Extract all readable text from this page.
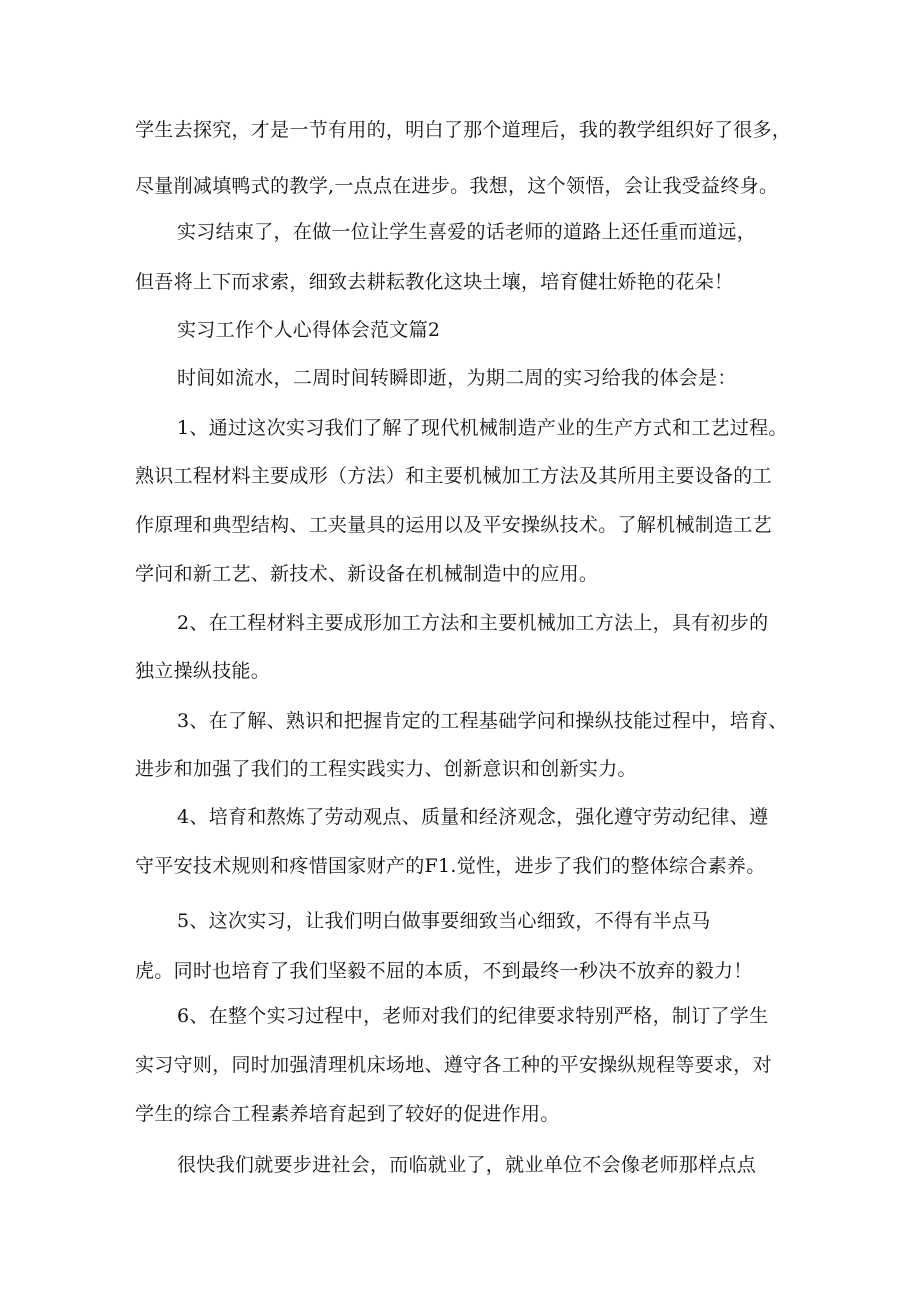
学生去探究，才是一节有用的，明白了那个道理后，我的教学组织好了很多，

尽量削减填鸭式的教学,一点点在进步。我想，这个领悟，会让我受益终身。

实习结束了，在做一位让学生喜爱的话老师的道路上还任重而道远，

但吾将上下而求索，细致去耕耘教化这块土壤，培育健壮娇艳的花朵！

实习工作个人心得体会范文篇2

时间如流水，二周时间转瞬即逝，为期二周的实习给我的体会是：

1、通过这次实习我们了解了现代机械制造产业的生产方式和工艺过程。

熟识工程材料主要成形（方法）和主要机械加工方法及其所用主要设备的工

作原理和典型结构、工夹量具的运用以及平安操纵技术。了解机械制造工艺

学问和新工艺、新技术、新设备在机械制造中的应用。

2、在工程材料主要成形加工方法和主要机械加工方法上，具有初步的

独立操纵技能。

3、在了解、熟识和把握肯定的工程基础学问和操纵技能过程中，培育、

进步和加强了我们的工程实践实力、创新意识和创新实力。

4、培育和熬炼了劳动观点、质量和经济观念，强化遵守劳动纪律、遵

守平安技术规则和疼惜国家财产的F1.觉性，进步了我们的整体综合素养。

5、这次实习，让我们明白做事要细致当心细致，不得有半点马

虎。同时也培育了我们坚毅不屈的本质，不到最终一秒决不放弃的毅力！

6、在整个实习过程中，老师对我们的纪律要求特别严格，制订了学生

实习守则，同时加强清理机床场地、遵守各工种的平安操纵规程等要求，对

学生的综合工程素养培育起到了较好的促进作用。

很快我们就要步进社会，而临就业了，就业单位不会像老师那样点点
